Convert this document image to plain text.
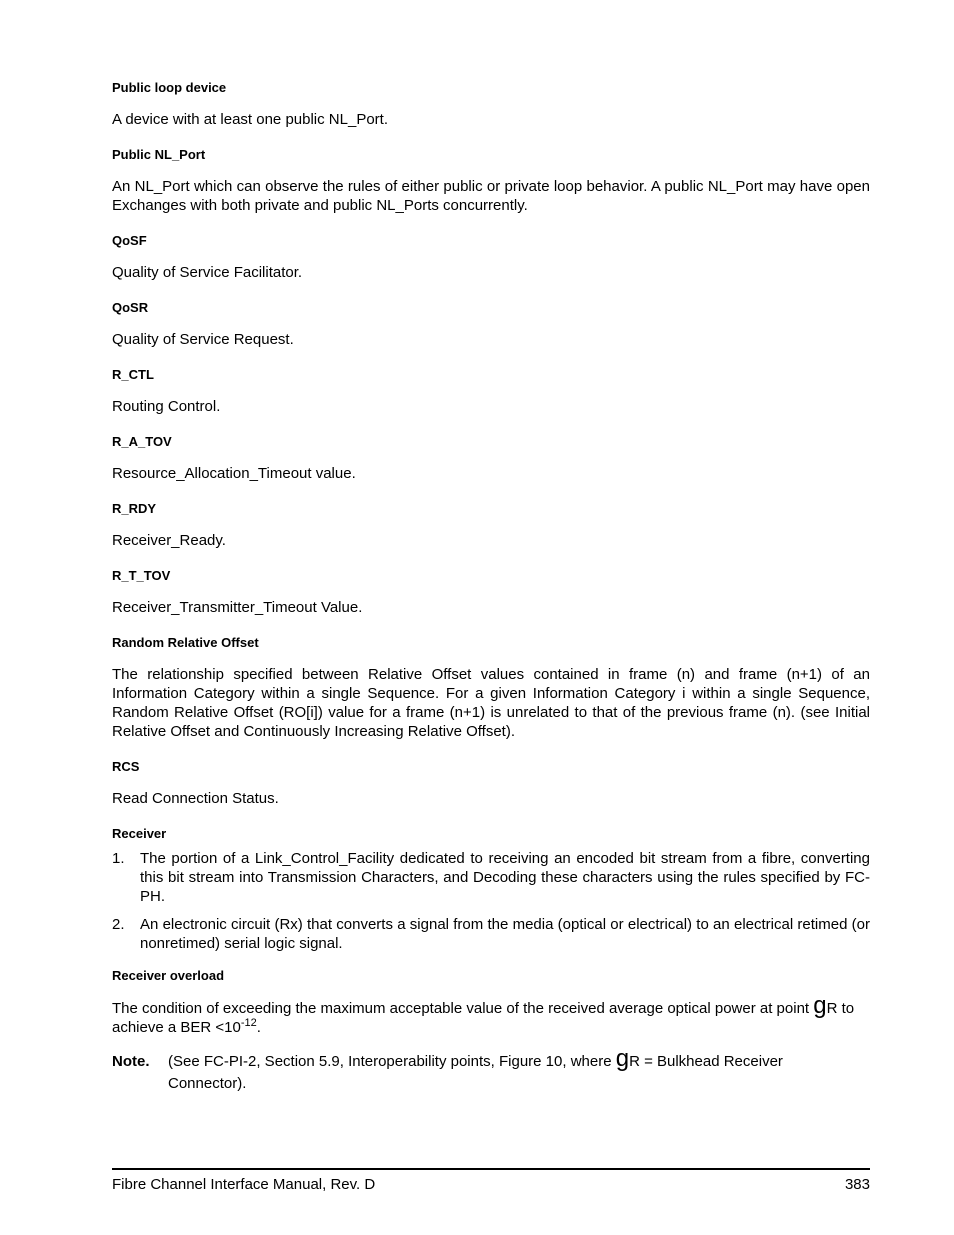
Public loop device

A device with at least one public NL_Port.

Public NL_Port

An NL_Port which can observe the rules of either public or private loop behavior. A public NL_Port may have open Exchanges with both private and public NL_Ports concurrently.

QoSF

Quality of Service Facilitator.

QoSR

Quality of Service Request.

R_CTL

Routing Control.

R_A_TOV

Resource_Allocation_Timeout value.

R_RDY

Receiver_Ready.

R_T_TOV

Receiver_Transmitter_Timeout Value.

Random Relative Offset

The relationship specified between Relative Offset values contained in frame (n) and frame (n+1) of an Information Category within a single Sequence. For a given Information Category i within a single Sequence, Random Relative Offset (RO[i]) value for a frame (n+1) is unrelated to that of the previous frame (n). (see Initial Relative Offset and Continuously Increasing Relative Offset).

RCS

Read Connection Status.

Receiver

1.	The portion of a Link_Control_Facility dedicated to receiving an encoded bit stream from a fibre, converting this bit stream into Transmission Characters, and Decoding these characters using the rules specified by FC-PH.
2.	An electronic circuit (Rx) that converts a signal from the media (optical or electrical) to an electrical retimed (or nonretimed) serial logic signal.

Receiver overload

The condition of exceeding the maximum acceptable value of the received average optical power at point gR to achieve a BER $<10^{-12}$.

Note.	(See FC-PI-2, Section 5.9, Interoperability points, Figure 10, where gR = Bulkhead Receiver Connector).
Fibre Channel Interface Manual, Rev. D	383
